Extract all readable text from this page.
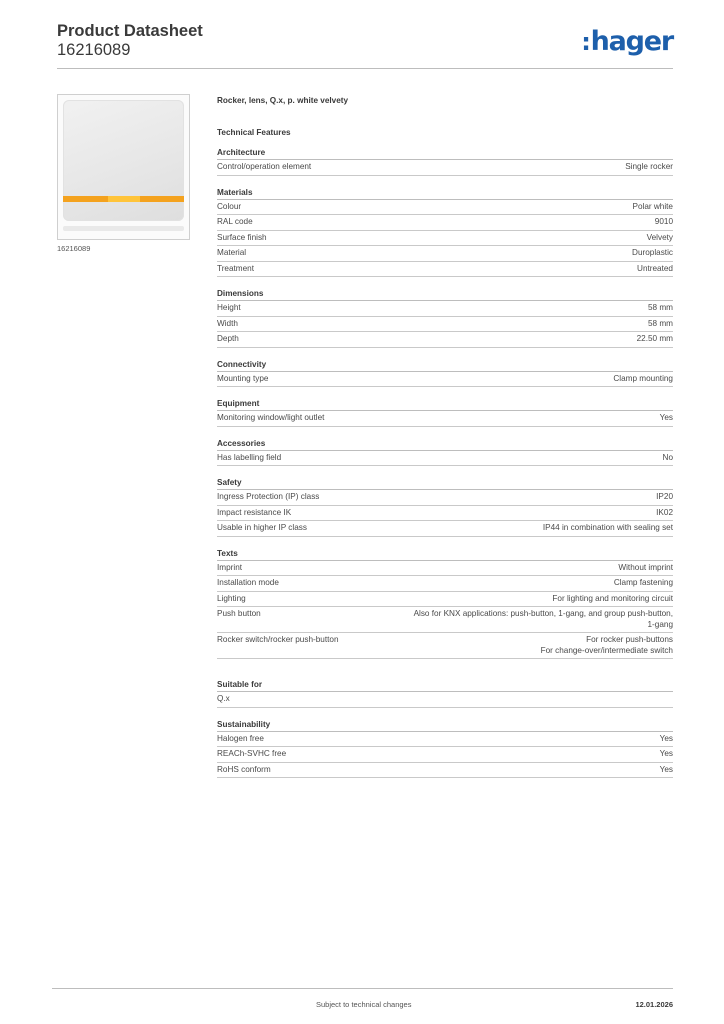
Product Datasheet
16216089	:hager
16216089
Rocker, lens, Q.x, p. white velvety
Technical Features
Architecture
Control/operation element	Single rocker
Materials
Colour	Polar white
RAL code	9010
Surface finish	Velvety
Material	Duroplastic
Treatment	Untreated
Dimensions
Height	58 mm
Width	58 mm
Depth	22.50 mm
Connectivity
Mounting type	Clamp mounting
Equipment
Monitoring window/light outlet	Yes
Accessories
Has labelling field	No
Safety
Ingress Protection (IP) class	IP20
Impact resistance IK	IK02
Usable in higher IP class	IP44 in combination with sealing set
Texts
Imprint	Without imprint
Installation mode	Clamp fastening
Lighting	For lighting and monitoring circuit
Push button	Also for KNX applications: push-button, 1-gang, and group push-button,
1-gang
Rocker switch/rocker push-button	For rocker push-buttons
For change-over/intermediate switch
Suitable for
Q.x
Sustainability
Halogen free	Yes
REACh-SVHC free	Yes
RoHS conform	Yes
Subject to technical changes	12.01.2026
